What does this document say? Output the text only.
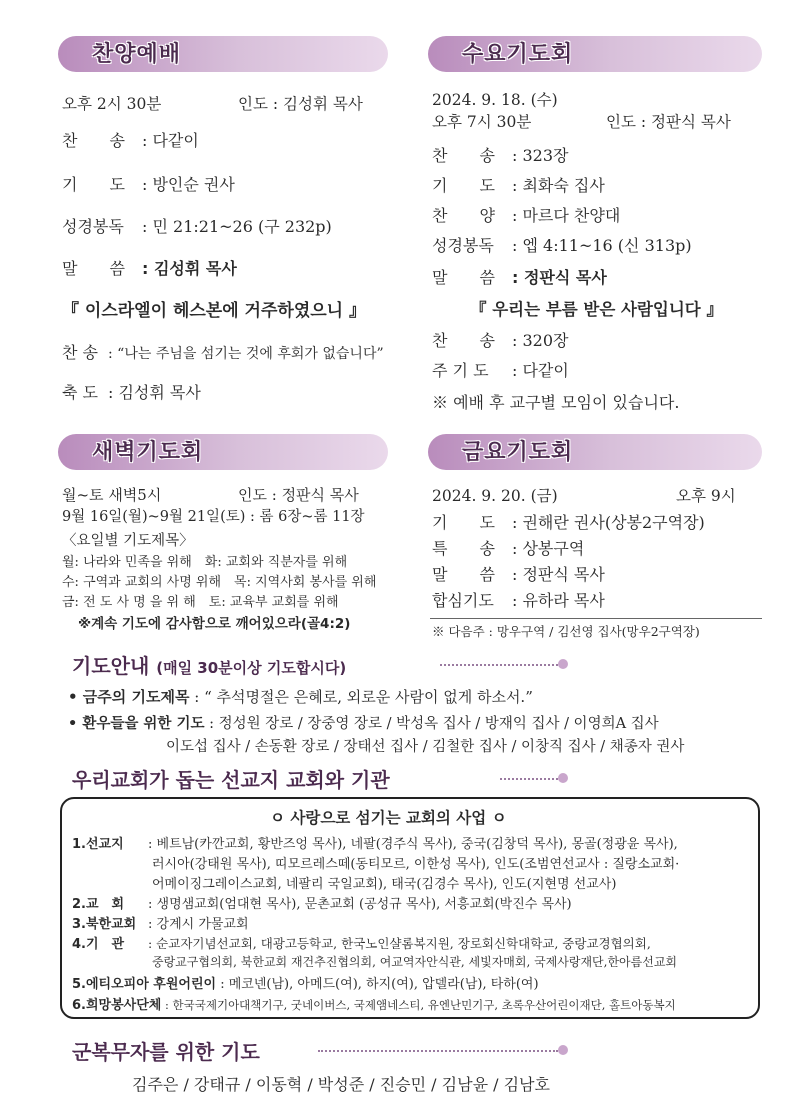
찬양예배
오후 2시 30분	인도 : 김성휘 목사
찬　　송 : 다같이
기　　도 : 방인순 권사
성경봉독 : 민 21:21~26 (구 232p)
말　　씀 : 김성휘 목사
『 이스라엘이 헤스본에 거주하였으니 』
찬 송 : “나는 주님을 섬기는 것에 후회가 없습니다”
축 도 : 김성휘 목사
수요기도회
2024. 9. 18. (수)
오후 7시 30분	인도 : 정판식 목사
찬　　송 : 323장
기　　도 : 최화숙 집사
찬　　양 : 마르다 찬양대
성경봉독 : 엡 4:11~16 (신 313p)
말　　씀 : 정판식 목사
『 우리는 부름 받은 사람입니다 』
찬　　송 : 320장
주 기 도 : 다같이
※ 예배 후 교구별 모임이 있습니다.
새벽기도회
월~토 새벽5시	인도 : 정판식 목사
9월 16일(월)~9월 21일(토) : 롬 6장~롬 11장
〈요일별 기도제목〉
월: 나라와 민족을 위해　화: 교회와 직분자를 위해
수: 구역과 교회의 사명 위해　목: 지역사회 봉사를 위해
금: 전 도 사 명 을 위 해　토: 교육부 교회를 위해
※계속 기도에 감사함으로 깨어있으라(골4:2)
금요기도회
2024. 9. 20. (금)	오후 9시
기　　도 : 권해란 권사(상봉2구역장)
특　　송 : 상봉구역
말　　씀 : 정판식 목사
합심기도 : 유하라 목사
※ 다음주 : 망우구역 / 김선영 집사(망우2구역장)
기도안내 (매일 30분이상 기도합시다)
• 금주의 기도제목 : “ 추석명절은 은혜로, 외로운 사람이 없게 하소서.”
• 환우들을 위한 기도 : 정성원 장로 / 장중영 장로 / 박성옥 집사 / 방재익 집사 / 이영희A 집사
이도섭 집사 / 손동환 장로 / 장태선 집사 / 김철한 집사 / 이창직 집사 / 채종자 권사
우리교회가 돕는 선교지 교회와 기관
ㅇ 사랑으로 섬기는 교회의 사업 ㅇ
1.선교지 : 베트남(카깐교회, 황반즈엉 목사), 네팔(경주식 목사), 중국(김창덕 목사), 몽골(정광윤 목사),
러시아(강태원 목사), 띠모르레스떼(동티모르, 이한성 목사), 인도(조범연선교사 : 질랑소교회·
어메이징그레이스교회, 네팔리 국일교회), 태국(김경수 목사), 인도(지현명 선교사)
2.교　회 : 생명샘교회(엄대현 목사), 문촌교회 (공성규 목사), 서흥교회(박진수 목사)
3.북한교회 : 강계시 가물교회
4.기　관 : 순교자기념선교회, 대광고등학교, 한국노인샬롬복지원, 장로회신학대학교, 중랑교경협의회,
중랑교구협의회, 북한교회 재건추진협의회, 여교역자안식관, 세빛자매회, 국제사랑재단,한아름선교회
5.에티오피아 후원어린이 : 메코넨(남), 아메드(여), 하지(여), 압델라(남), 타하(여)
6.희망봉사단체 : 한국국제기아대책기구, 굿네이버스, 국제앰네스티, 유엔난민기구, 초록우산어린이재단, 홀트아동복지
군복무자를 위한 기도
김주은 / 강태규 / 이동혁 / 박성준 / 진승민 / 김남윤 / 김남호
